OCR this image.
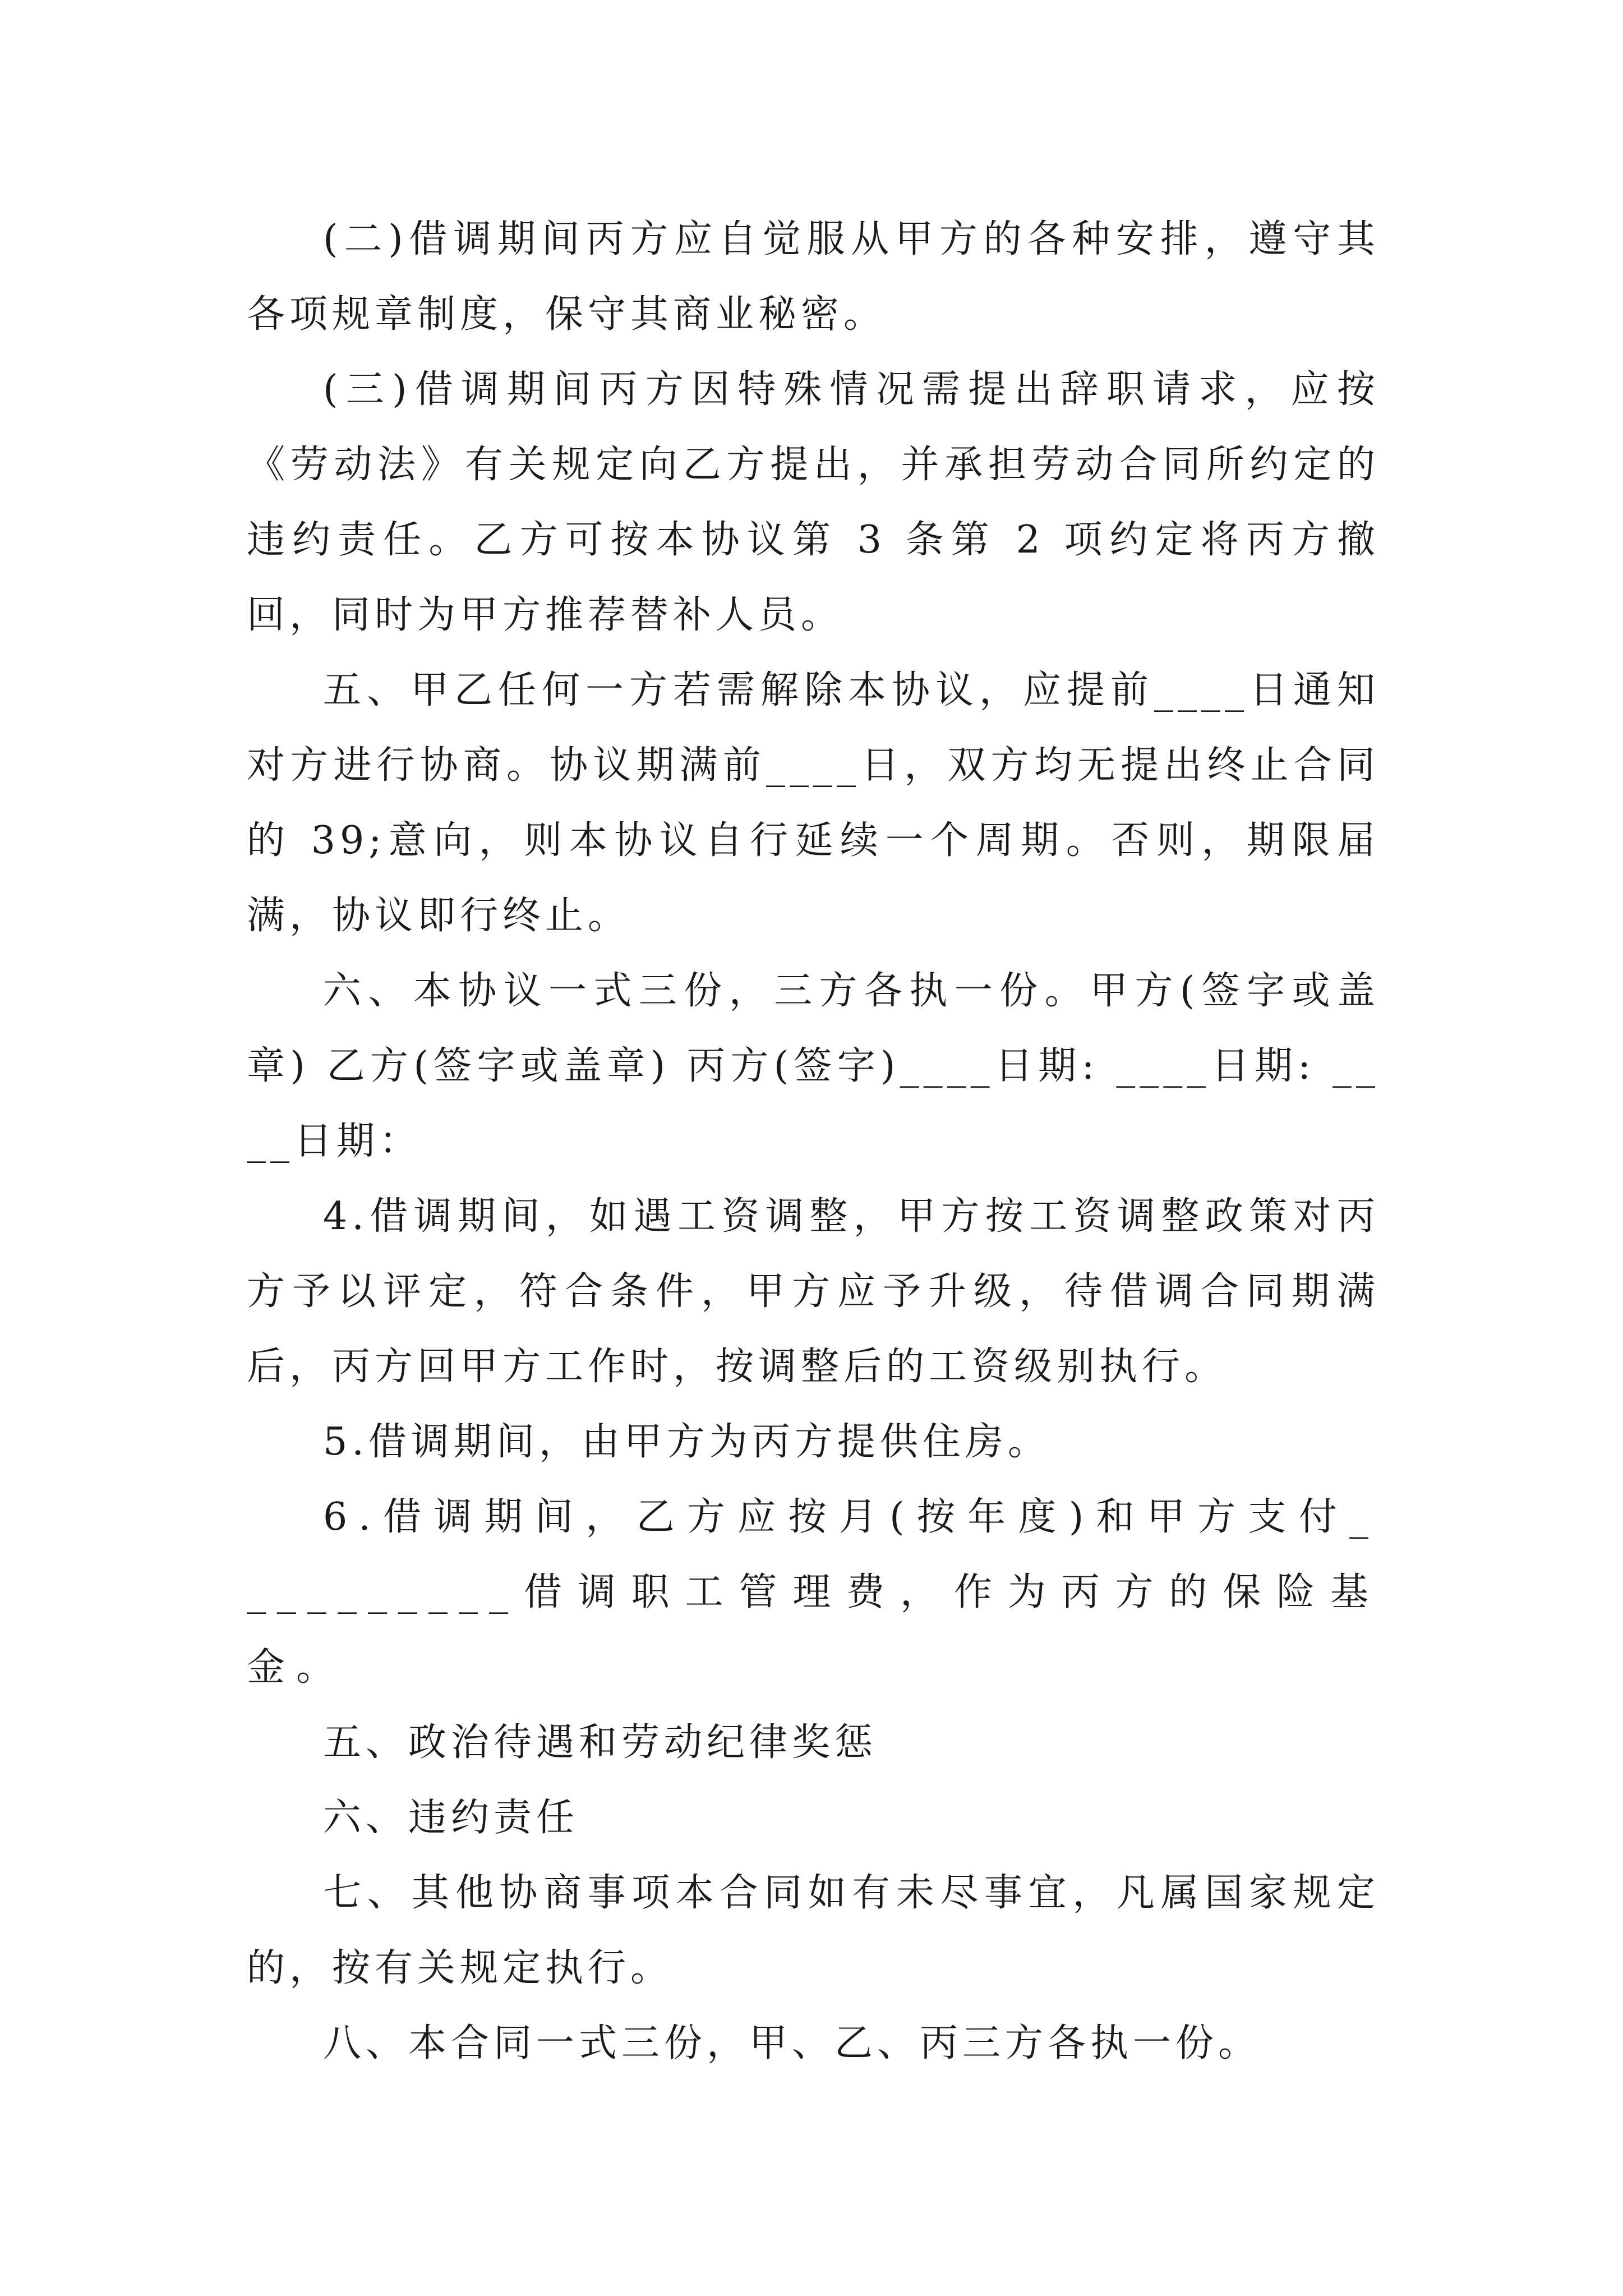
(二)借调期间丙方应自觉服从甲方的各种安排，遵守其各项规章制度，保守其商业秘密。

(三)借调期间丙方因特殊情况需提出辞职请求，应按《劳动法》有关规定向乙方提出，并承担劳动合同所约定的违约责任。乙方可按本协议第 3 条第 2 项约定将丙方撤回，同时为甲方推荐替补人员。

五、甲乙任何一方若需解除本协议，应提前____日通知对方进行协商。协议期满前____日，双方均无提出终止合同的 39;意向，则本协议自行延续一个周期。否则，期限届满，协议即行终止。

六、本协议一式三份，三方各执一份。甲方(签字或盖章) 乙方(签字或盖章) 丙方(签字)____日期: ____日期: ____日期：

4.借调期间，如遇工资调整，甲方按工资调整政策对丙方予以评定，符合条件，甲方应予升级，待借调合同期满后，丙方回甲方工作时，按调整后的工资级别执行。

5.借调期间，由甲方为丙方提供住房。

6.借调期间，乙方应按月(按年度)和甲方支付__________借调职工管理费，作为丙方的保险基金。

五、政治待遇和劳动纪律奖惩

六、违约责任

七、其他协商事项本合同如有未尽事宜，凡属国家规定的，按有关规定执行。

八、本合同一式三份，甲、乙、丙三方各执一份。
